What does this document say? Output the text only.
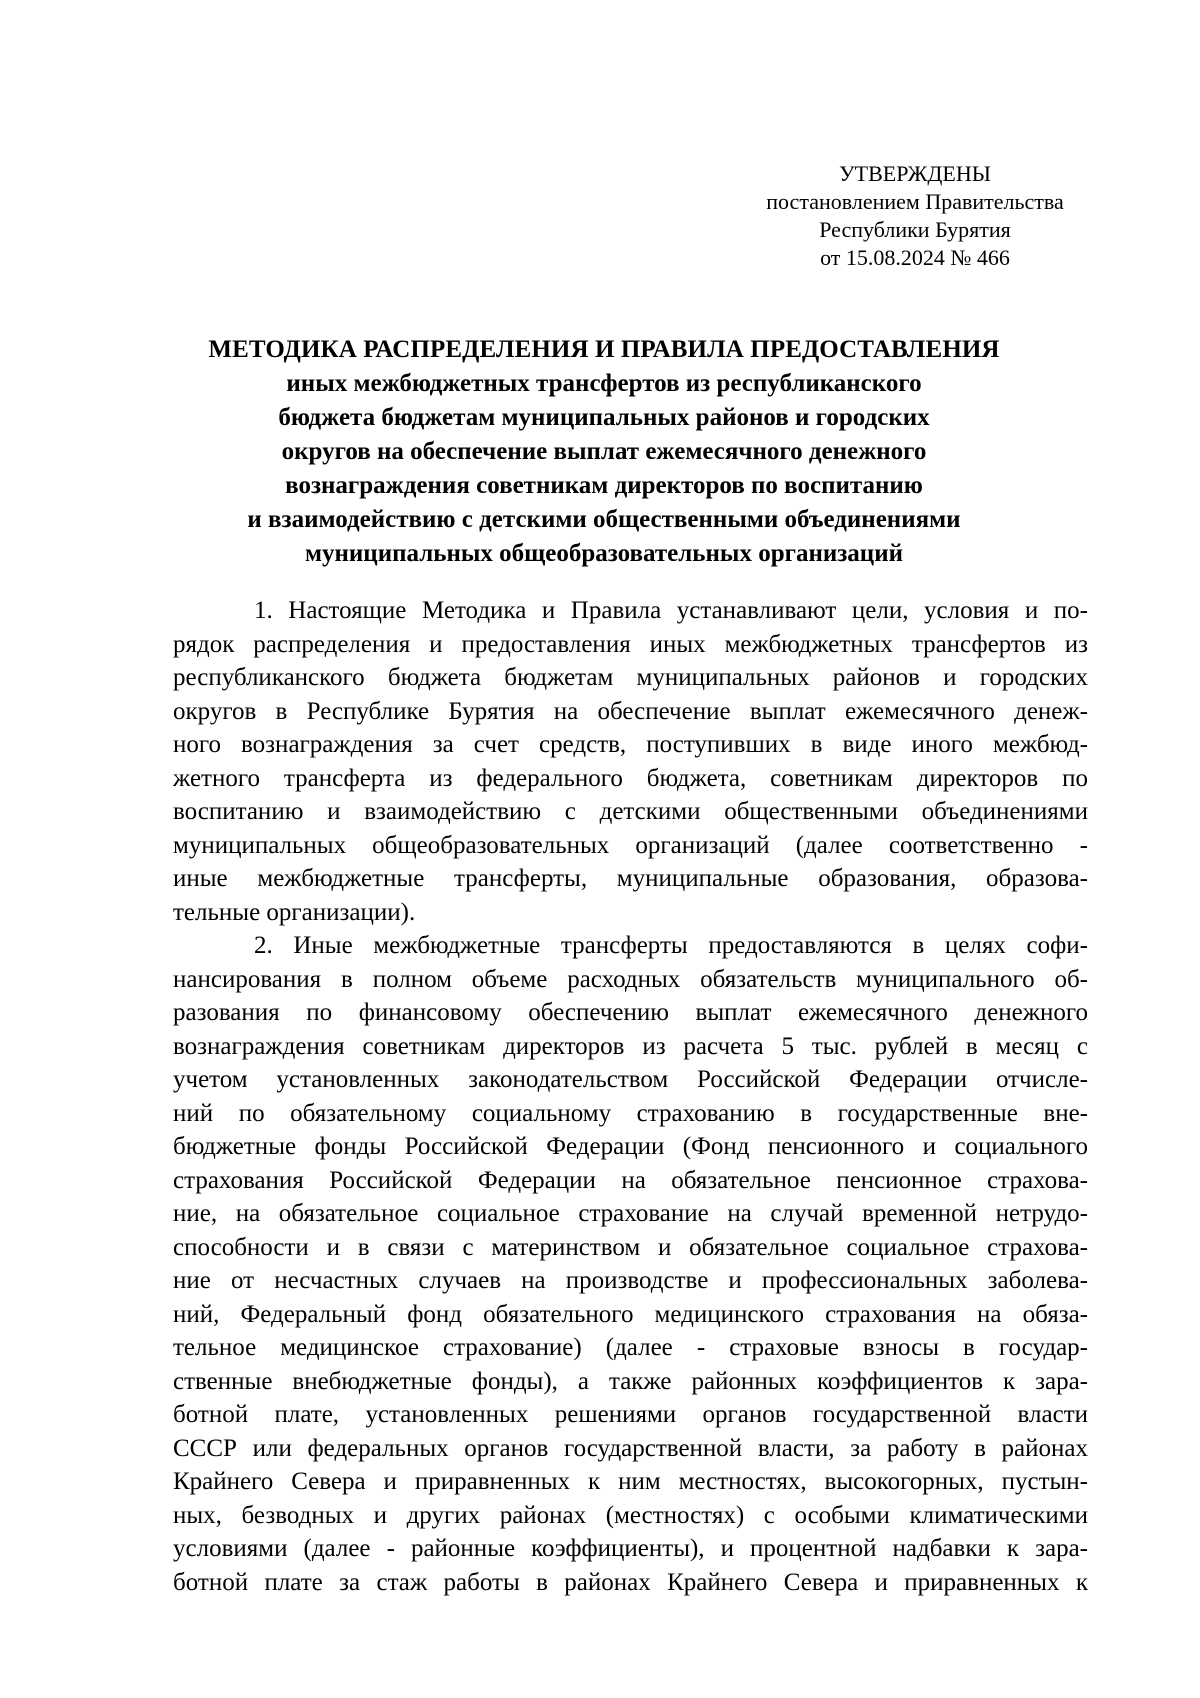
УТВЕРЖДЕНЫ
постановлением Правительства
Республики Бурятия
от 15.08.2024 № 466
МЕТОДИКА РАСПРЕДЕЛЕНИЯ И ПРАВИЛА ПРЕДОСТАВЛЕНИЯ
иных межбюджетных трансфертов из республиканского
бюджета бюджетам муниципальных районов и городских
округов на обеспечение выплат ежемесячного денежного
вознаграждения советникам директоров по воспитанию
и взаимодействию с детскими общественными объединениями
муниципальных общеобразовательных организаций
1. Настоящие Методика и Правила устанавливают цели, условия и по-
рядок распределения и предоставления иных межбюджетных трансфертов из
республиканского бюджета бюджетам муниципальных районов и городских
округов в Республике Бурятия на обеспечение выплат ежемесячного денеж-
ного вознаграждения за счет средств, поступивших в виде иного межбюд-
жетного трансферта из федерального бюджета, советникам директоров по
воспитанию и взаимодействию с детскими общественными объединениями
муниципальных общеобразовательных организаций (далее соответственно -
иные межбюджетные трансферты, муниципальные образования, образова-
тельные организации).
2. Иные межбюджетные трансферты предоставляются в целях софи-
нансирования в полном объеме расходных обязательств муниципального об-
разования по финансовому обеспечению выплат ежемесячного денежного
вознаграждения советникам директоров из расчета 5 тыс. рублей в месяц с
учетом установленных законодательством Российской Федерации отчисле-
ний по обязательному социальному страхованию в государственные вне-
бюджетные фонды Российской Федерации (Фонд пенсионного и социального
страхования Российской Федерации на обязательное пенсионное страхова-
ние, на обязательное социальное страхование на случай временной нетрудо-
способности и в связи с материнством и обязательное социальное страхова-
ние от несчастных случаев на производстве и профессиональных заболева-
ний, Федеральный фонд обязательного медицинского страхования на обяза-
тельное медицинское страхование) (далее - страховые взносы в государ-
ственные внебюджетные фонды), а также районных коэффициентов к зара-
ботной плате, установленных решениями органов государственной власти
СССР или федеральных органов государственной власти, за работу в районах
Крайнего Севера и приравненных к ним местностях, высокогорных, пустын-
ных, безводных и других районах (местностях) с особыми климатическими
условиями (далее - районные коэффициенты), и процентной надбавки к зара-
ботной плате за стаж работы в районах Крайнего Севера и приравненных к
